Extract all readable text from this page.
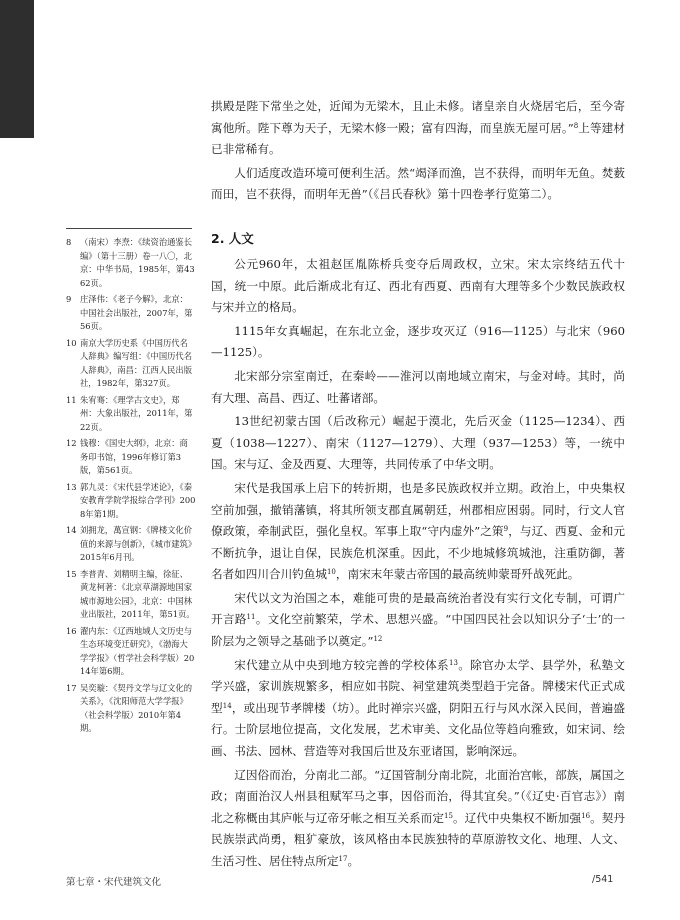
拱殿是陛下常坐之处，近闻为无梁木，且止未修。诸皇亲自火烧居宅后，至今寄寓他所。陛下尊为天子，无梁木修一殿；富有四海，而皇族无屋可居。”$^8$上等建材已非常稀有。

人们适度改造环境可便利生活。然“竭泽而渔，岂不获得，而明年无鱼。焚薮而田，岂不获得，而明年无兽”（《吕氏春秋》第十四卷孝行览第二）。

2. 人文

公元960年，太祖赵匡胤陈桥兵变夺后周政权，立宋。宋太宗终结五代十国，统一中原。此后渐成北有辽、西北有西夏、西南有大理等多个少数民族政权与宋并立的格局。

1115年女真崛起，在东北立金，逐步攻灭辽（916—1125）与北宋（960—1125）。

北宋部分宗室南迁，在秦岭——淮河以南地域立南宋，与金对峙。其时，尚有大理、高昌、西辽、吐蕃诸部。

13世纪初蒙古国（后改称元）崛起于漠北，先后灭金（1125—1234）、西夏（1038—1227）、南宋（1127—1279）、大理（937—1253）等，一统中国。宋与辽、金及西夏、大理等，共同传承了中华文明。

宋代是我国承上启下的转折期，也是多民族政权并立期。政治上，中央集权空前加强，撤销藩镇，将其所领支郡直属朝廷，州郡相应困弱。同时，行文人官僚政策，牵制武臣，强化皇权。军事上取“守内虚外”之策$^9$，与辽、西夏、金和元不断抗争，退让自保，民族危机深重。因此，不少地城修筑城池，注重防御，著名者如四川合川钓鱼城$^{10}$，南宋末年蒙古帝国的最高统帅蒙哥歼战死此。

宋代以文为治国之本，难能可贵的是最高统治者没有实行文化专制，可谓广开言路$^{11}$。文化空前繁荣，学术、思想兴盛。“中国四民社会以知识分子‘士’的一阶层为之领导之基础予以奠定。”$^{12}$

宋代建立从中央到地方较完善的学校体系$^{13}$。除官办太学、县学外，私塾文学兴盛，家训族规繁多，相应如书院、祠堂建筑类型趋于完备。牌楼宋代正式成型$^{14}$，或出现节孝牌楼（坊）。此时禅宗兴盛，阴阳五行与风水深入民间，普遍盛行。士阶层地位提高，文化发展，艺术审美、文化品位等趋向雅致，如宋词、绘画、书法、园林、营造等对我国后世及东亚诸国，影响深远。

辽因俗而治，分南北二部。“辽国管制分南北院，北面治宫帐，部族，属国之政；南面治汉人州县租赋军马之事，因俗而治，得其宜矣。”（《辽史·百官志》）南北之称概由其庐帐与辽帝牙帐之相互关系而定$^{15}$。辽代中央集权不断加强$^{16}$。契丹民族崇武尚勇，粗犷豪放，该风格由本民族独特的草原游牧文化、地理、人文、生活习性、居住特点所定$^{17}$。

8	（南宋）李焘：《续资治通鉴长编》（第十三册）卷一八〇，北京：中华书局，1985年，第4362页。
9	庄泽伟：《老子今解》，北京：中国社会出版社，2007年，第56页。
10 南京大学历史系《中国历代名人辞典》编写组：《中国历代名人辞典》，南昌：江西人民出版社，1982年，第327页。
11 朱宥骞：《理学古文史》，郑州：大象出版社，2011年，第22页。
12 钱穆：《国史大纲》，北京：商务印书馆，1996年修订第3版，第561页。
13 郭九灵：《宋代县学述论》，《秦安教育学院学报综合学刊》2008年第1期。
14 刘拥龙，萬宣钢：《牌楼文化价值的来源与创新》，《城市建筑》2015年6月刊。
15 李普青、刘精明主编，徐征、黄龙柯著：《北京草湖源地国家城市源地公园》，北京：中国林业出版社，2011年，第51页。
16 濯内东：《辽西地域人文历史与生态环境变迁研究》，《渤海大学学报》（哲学社会科学版）2014年第6期。
17 吴奕璇：《契丹文学与辽文化的关系》，《沈阳师范大学学报》（社会科学版）2010年第4期。
第七章・宋代建筑文化	/541
